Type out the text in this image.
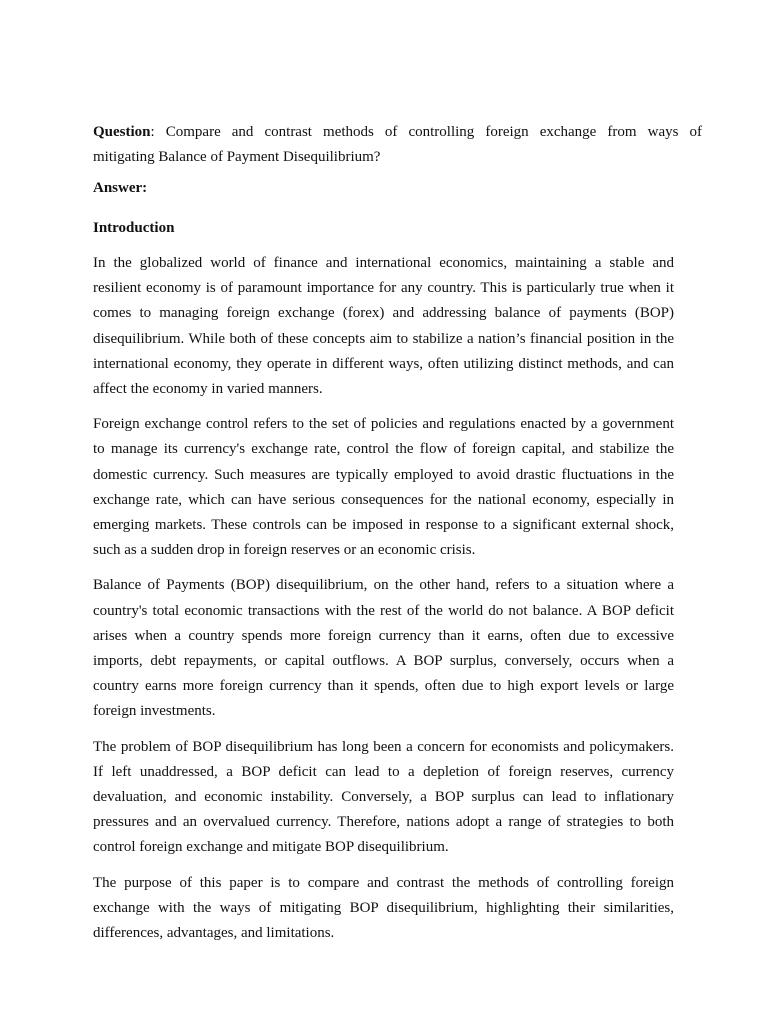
Question: Compare and contrast methods of controlling foreign exchange from ways of
mitigating Balance of Payment Disequilibrium?
Answer:
Introduction

In the globalized world of finance and international economics, maintaining a stable and resilient economy is of paramount importance for any country. This is particularly true when it comes to managing foreign exchange (forex) and addressing balance of payments (BOP) disequilibrium. While both of these concepts aim to stabilize a nation’s financial position in the international economy, they operate in different ways, often utilizing distinct methods, and can affect the economy in varied manners.

Foreign exchange control refers to the set of policies and regulations enacted by a government to manage its currency's exchange rate, control the flow of foreign capital, and stabilize the domestic currency. Such measures are typically employed to avoid drastic fluctuations in the exchange rate, which can have serious consequences for the national economy, especially in emerging markets. These controls can be imposed in response to a significant external shock, such as a sudden drop in foreign reserves or an economic crisis.

Balance of Payments (BOP) disequilibrium, on the other hand, refers to a situation where a country's total economic transactions with the rest of the world do not balance. A BOP deficit arises when a country spends more foreign currency than it earns, often due to excessive imports, debt repayments, or capital outflows. A BOP surplus, conversely, occurs when a country earns more foreign currency than it spends, often due to high export levels or large foreign investments.

The problem of BOP disequilibrium has long been a concern for economists and policymakers. If left unaddressed, a BOP deficit can lead to a depletion of foreign reserves, currency devaluation, and economic instability. Conversely, a BOP surplus can lead to inflationary pressures and an overvalued currency. Therefore, nations adopt a range of strategies to both control foreign exchange and mitigate BOP disequilibrium.

The purpose of this paper is to compare and contrast the methods of controlling foreign exchange with the ways of mitigating BOP disequilibrium, highlighting their similarities, differences, advantages, and limitations.
